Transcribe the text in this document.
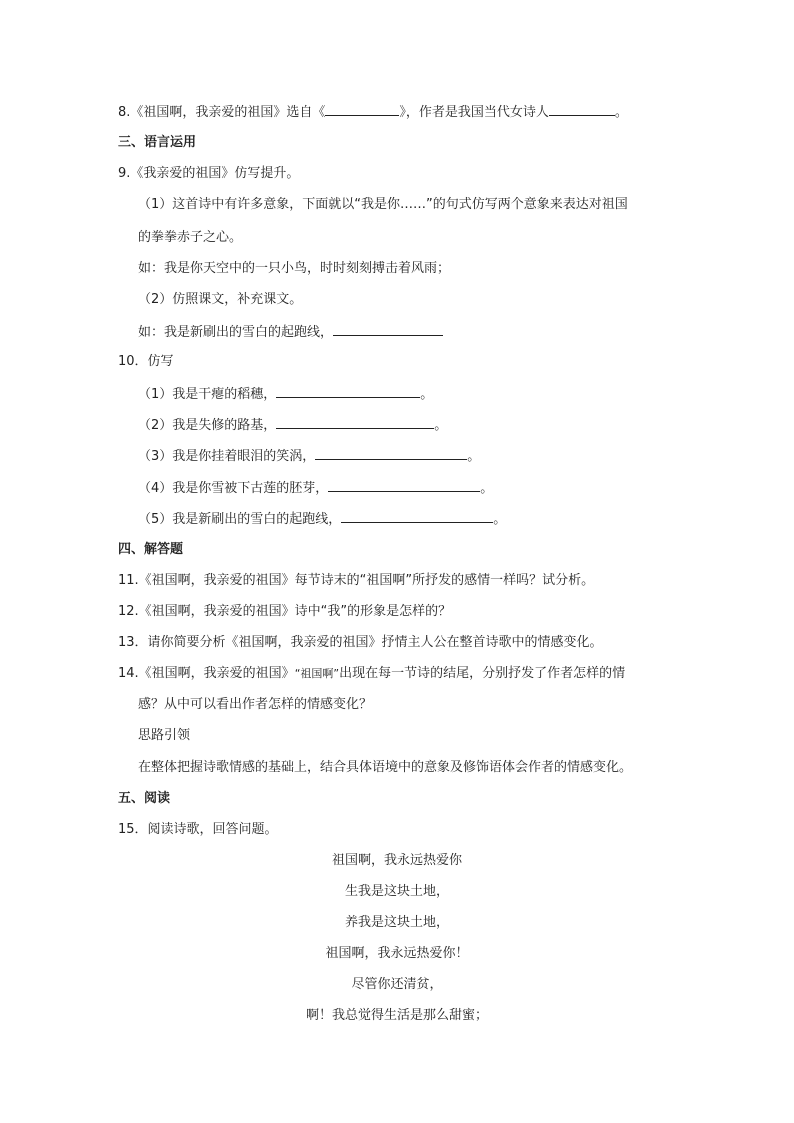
8.《祖国啊，我亲爱的祖国》选自《	》，作者是我国当代女诗人	。
三、语言运用
9.《我亲爱的祖国》仿写提升。
（1）这首诗中有许多意象，下面就以“我是你……”的句式仿写两个意象来表达对祖国
的拳拳赤子之心。
如：我是你天空中的一只小鸟，时时刻刻搏击着风雨；
（2）仿照课文，补充课文。
如：我是新刷出的雪白的起跑线，
10．仿写
（1）我是干瘪的稻穗，	。
（2）我是失修的路基，	。
（3）我是你挂着眼泪的笑涡，	。
（4）我是你雪被下古莲的胚芽，	。
（5）我是新刷出的雪白的起跑线，	。
四、解答题
11.《祖国啊，我亲爱的祖国》每节诗末的“祖国啊”所抒发的感情一样吗？试分析。
12.《祖国啊，我亲爱的祖国》诗中“我”的形象是怎样的？
13．请你简要分析《祖国啊，我亲爱的祖国》抒情主人公在整首诗歌中的情感变化。
14.《祖国啊，我亲爱的祖国》“祖国啊”出现在每一节诗的结尾，分别抒发了作者怎样的情
感？从中可以看出作者怎样的情感变化？
思路引领
在整体把握诗歌情感的基础上，结合具体语境中的意象及修饰语体会作者的情感变化。
五、阅读
15．阅读诗歌，回答问题。
祖国啊，我永远热爱你
生我是这块土地，
养我是这块土地，
祖国啊，我永远热爱你！
尽管你还清贫，
啊！我总觉得生活是那么甜蜜；
